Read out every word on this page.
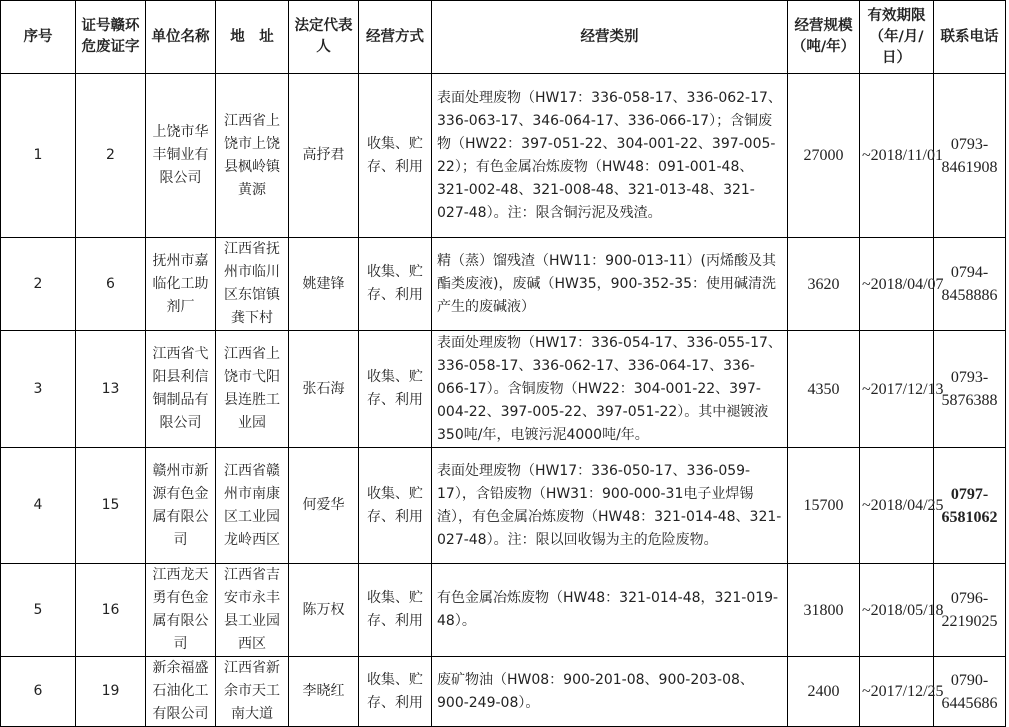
序号	证号赣环危废证字	单位名称	地　址	法定代表人	经营方式	经营类别	经营规模（吨/年）	有效期限（年/月/日）	联系电话
1	2	上饶市华丰铜业有限公司	江西省上饶市上饶县枫岭镇黄源	高抒君	收集、贮存、利用	表面处理废物（HW17：336-058-17、336-062-17、336-063-17、346-064-17、336-066-17）；含铜废物（HW22：397-051-22、304-001-22、397-005-22）；有色金属冶炼废物（HW48：091-001-48、321-002-48、321-008-48、321-013-48、321-027-48）。注：限含铜污泥及残渣。	27000	~2018/11/01	0793-8461908
2	6	抚州市嘉临化工助剂厂	江西省抚州市临川区东馆镇龚下村	姚建锋	收集、贮存、利用	精（蒸）馏残渣（HW11：900-013-11）(丙烯酸及其酯类废液)，废碱（HW35，900-352-35：使用碱清洗产生的废碱液）	3620	~2018/04/07	0794-8458886
3	13	江西省弋阳县利信铜制品有限公司	江西省上饶市弋阳县连胜工业园	张石海	收集、贮存、利用	表面处理废物（HW17：336-054-17、336-055-17、336-058-17、336-062-17、336-064-17、336-066-17）。含铜废物（HW22：304-001-22、397-004-22、397-005-22、397-051-22）。其中褪镀液350吨/年，电镀污泥4000吨/年。	4350	~2017/12/13	0793-5876388
4	15	赣州市新源有色金属有限公司	江西省赣州市南康区工业园龙岭西区	何爱华	收集、贮存、利用	表面处理废物（HW17：336-050-17、336-059-17），含铅废物（HW31：900-000-31电子业焊锡渣），有色金属冶炼废物（HW48：321-014-48、321-027-48）。注：限以回收锡为主的危险废物。	15700	~2018/04/25	0797-6581062
5	16	江西龙天勇有色金属有限公司	江西省吉安市永丰县工业园西区	陈万权	收集、贮存、利用	有色金属冶炼废物（HW48：321-014-48，321-019-48）。	31800	~2018/05/18	0796-2219025
6	19	新余福盛石油化工有限公司	江西省新余市天工南大道	李晓红	收集、贮存、利用	废矿物油（HW08：900-201-08、900-203-08、900-249-08）。	2400	~2017/12/25	0790-6445686
